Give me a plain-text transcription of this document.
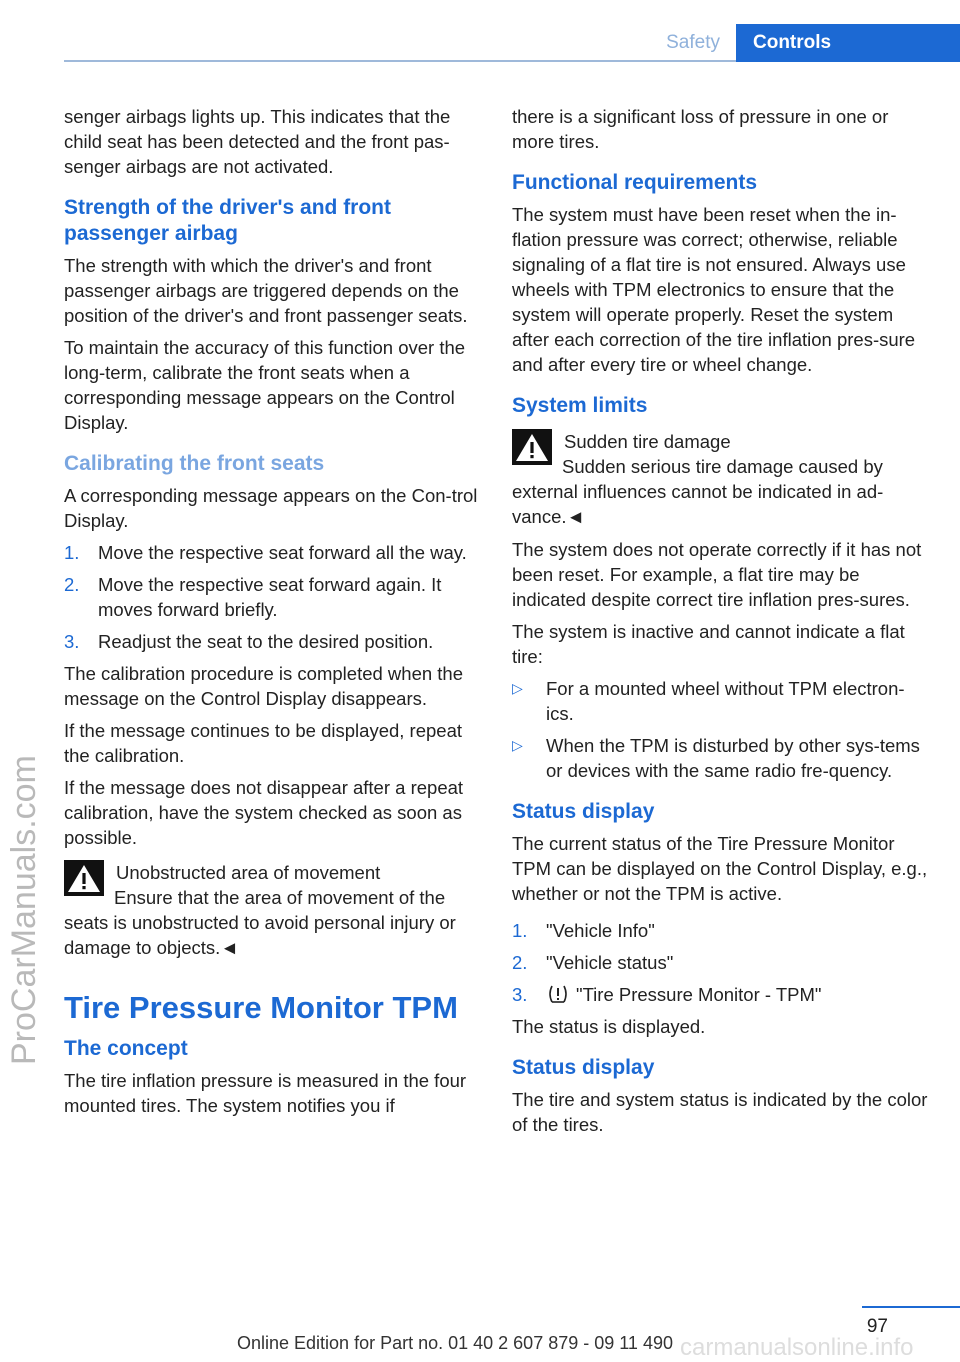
Safety	Controls

senger airbags lights up. This indicates that the child seat has been detected and the front pas-senger airbags are not activated.

Strength of the driver's and front passenger airbag

The strength with which the driver's and front passenger airbags are triggered depends on the position of the driver's and front passenger seats.

To maintain the accuracy of this function over the long-term, calibrate the front seats when a corresponding message appears on the Control Display.

Calibrating the front seats

A corresponding message appears on the Con-trol Display.

1. Move the respective seat forward all the way.
2. Move the respective seat forward again. It moves forward briefly.
3. Readjust the seat to the desired position.

The calibration procedure is completed when the message on the Control Display disappears.

If the message continues to be displayed, repeat the calibration.

If the message does not disappear after a repeat calibration, have the system checked as soon as possible.

Unobstructed area of movement

Ensure that the area of movement of the seats is unobstructed to avoid personal injury or damage to objects.◄

Tire Pressure Monitor TPM
The concept

The tire inflation pressure is measured in the four mounted tires. The system notifies you if

there is a significant loss of pressure in one or more tires.

Functional requirements

The system must have been reset when the in-flation pressure was correct; otherwise, reliable signaling of a flat tire is not ensured. Always use wheels with TPM electronics to ensure that the system will operate properly. Reset the system after each correction of the tire inflation pres-sure and after every tire or wheel change.

System limits

Sudden tire damage

Sudden serious tire damage caused by external influences cannot be indicated in ad-vance.◄

The system does not operate correctly if it has not been reset. For example, a flat tire may be indicated despite correct tire inflation pres-sures.

The system is inactive and cannot indicate a flat tire:

▷ For a mounted wheel without TPM electron-ics.
▷ When the TPM is disturbed by other sys-tems or devices with the same radio fre-quency.
Status display

The current status of the Tire Pressure Monitor TPM can be displayed on the Control Display, e.g., whether or not the TPM is active.

1. "Vehicle Info"
2. "Vehicle status"
3.	"Tire Pressure Monitor - TPM"

The status is displayed.

Status display

The tire and system status is indicated by the color of the tires.

97
Online Edition for Part no. 01 40 2 607 879 - 09 11 490
ProCarManuals.com
carmanualsonline.info
